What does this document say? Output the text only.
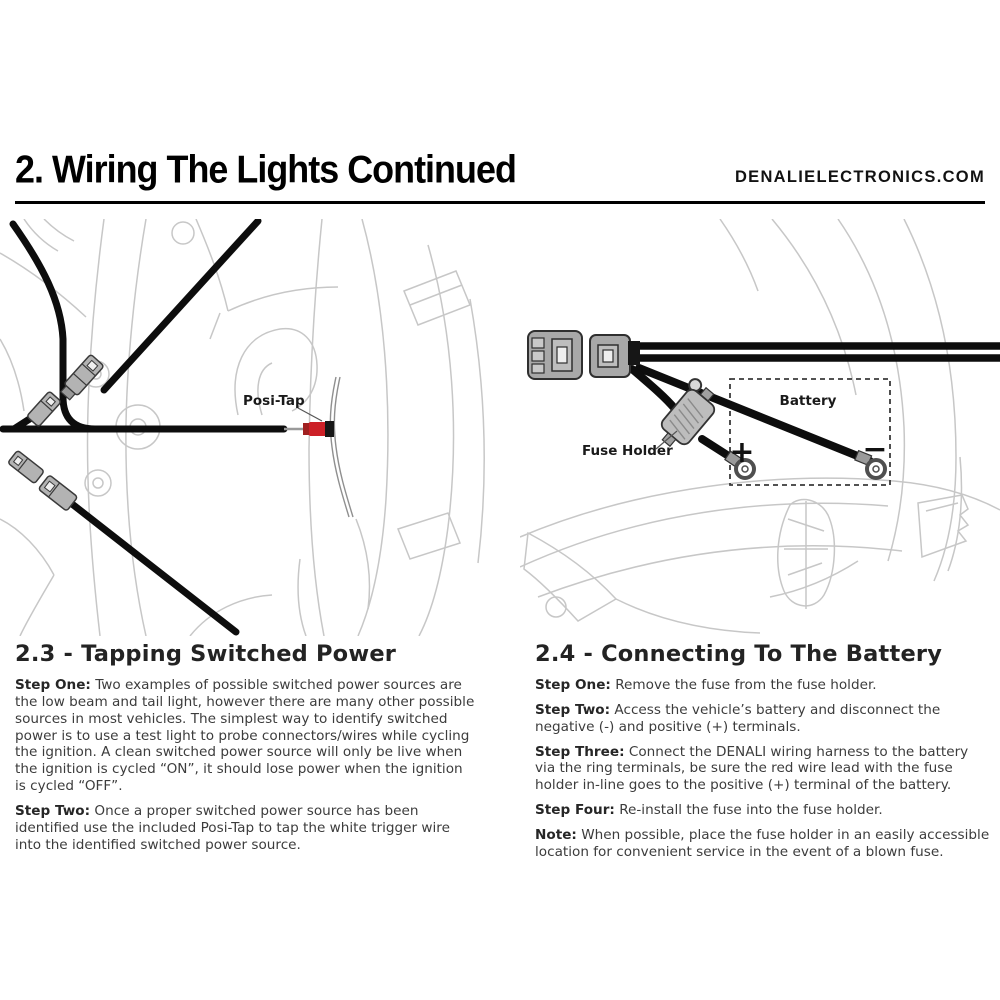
2. Wiring The Lights Continued	DENALIELECTRONICS.COM
Posi-Tap	Battery
+	−
Fuse Holder
2.3 - Tapping Switched Power

Step One: Two examples of possible switched power sources are the low beam and tail light, however there are many other possible sources in most vehicles. The simplest way to identify switched power is to use a test light to probe connectors/wires while cycling the ignition. A clean switched power source will only be live when the ignition is cycled “ON”, it should lose power when the ignition is cycled “OFF”.

Step Two: Once a proper switched power source has been identified use the included Posi-Tap to tap the white trigger wire into the identified switched power source.

2.4 - Connecting To The Battery

Step One: Remove the fuse from the fuse holder.

Step Two: Access the vehicle’s battery and disconnect the negative (-) and positive (+) terminals.

Step Three: Connect the DENALI wiring harness to the battery via the ring terminals, be sure the red wire lead with the fuse holder in-line goes to the positive (+) terminal of the battery.

Step Four: Re-install the fuse into the fuse holder.

Note: When possible, place the fuse holder in an easily accessible location for convenient service in the event of a blown fuse.
